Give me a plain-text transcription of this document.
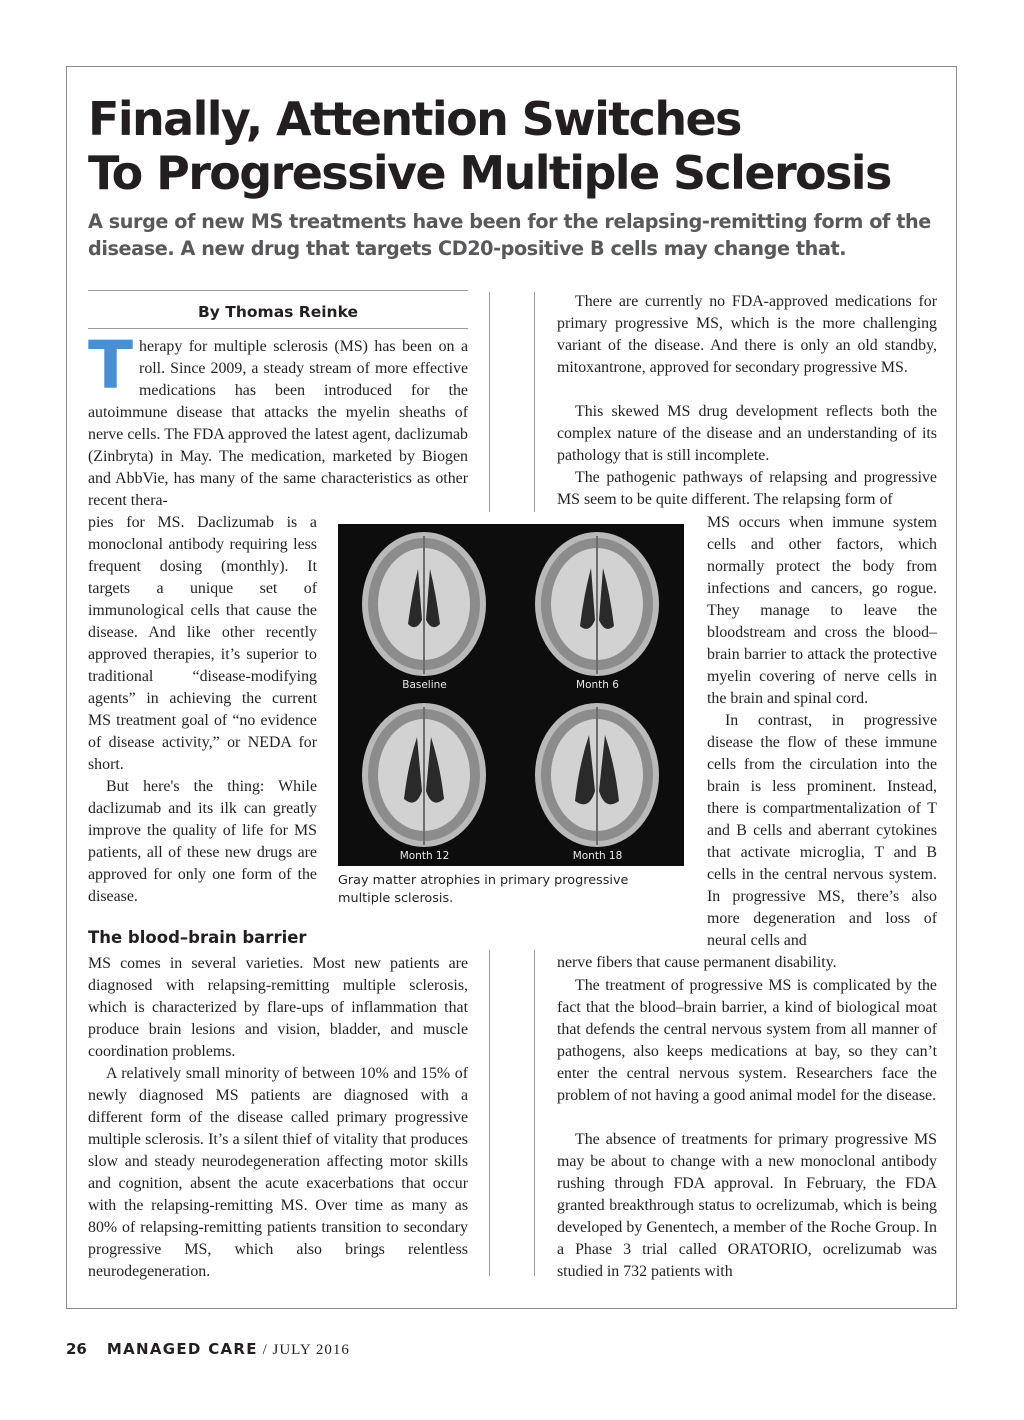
Finally, Attention Switches
To Progressive Multiple Sclerosis

A surge of new MS treatments have been for the relapsing-remitting form of the disease. A new drug that targets CD20-positive B cells may change that.

By Thomas Reinke

Therapy for multiple sclerosis (MS) has been on a roll. Since 2009, a steady stream of more effective medications has been introduced for the autoimmune disease that attacks the myelin sheaths of nerve cells. The FDA approved the latest agent, daclizumab (Zinbryta) in May. The medication, marketed by Biogen and AbbVie, has many of the same characteristics as other recent thera-

pies for MS. Daclizumab is a monoclonal antibody requiring less frequent dosing (monthly). It targets a unique set of immunological cells that cause the disease. And like other recently approved therapies, it’s superior to traditional “disease-modifying agents” in achieving the current MS treatment goal of “no evidence of disease activity,” or NEDA for short.

But here's the thing: While daclizumab and its ilk can greatly improve the quality of life for MS patients, all of these new drugs are approved for only one form of the disease.

Baseline	Month 6
Month 12	Month 18

Gray matter atrophies in primary progressive multiple sclerosis.

The blood–brain barrier

MS comes in several varieties. Most new patients are diagnosed with relapsing-remitting multiple sclerosis, which is characterized by flare-ups of inflammation that produce brain lesions and vision, bladder, and muscle coordination problems.

A relatively small minority of between 10% and 15% of newly diagnosed MS patients are diagnosed with a different form of the disease called primary progressive multiple sclerosis. It’s a silent thief of vitality that produces slow and steady neurodegeneration affecting motor skills and cognition, absent the acute exacerbations that occur with the relapsing-remitting MS. Over time as many as 80% of relapsing-remitting patients transition to secondary progressive MS, which also brings relentless neurodegeneration.

There are currently no FDA-approved medications for primary progressive MS, which is the more challenging variant of the disease. And there is only an old standby, mitoxantrone, approved for secondary progressive MS.

This skewed MS drug development reflects both the complex nature of the disease and an understanding of its pathology that is still incomplete.

The pathogenic pathways of relapsing and progressive MS seem to be quite different. The relapsing form of

MS occurs when immune system cells and other factors, which normally protect the body from infections and cancers, go rogue. They manage to leave the bloodstream and cross the blood–brain barrier to attack the protective myelin covering of nerve cells in the brain and spinal cord.

In contrast, in progressive disease the flow of these immune cells from the circulation into the brain is less prominent. Instead, there is compartmentalization of T and B cells and aberrant cytokines that activate microglia, T and B cells in the central nervous system. In progressive MS, there’s also more degeneration and loss of neural cells and

nerve fibers that cause permanent disability.

The treatment of progressive MS is complicated by the fact that the blood–brain barrier, a kind of biological moat that defends the central nervous system from all manner of pathogens, also keeps medications at bay, so they can’t enter the central nervous system. Researchers face the problem of not having a good animal model for the disease.

The absence of treatments for primary progressive MS may be about to change with a new monoclonal antibody rushing through FDA approval. In February, the FDA granted breakthrough status to ocrelizumab, which is being developed by Genentech, a member of the Roche Group. In a Phase 3 trial called ORATORIO, ocrelizumab was studied in 732 patients with

26 MANAGED CARE / JULY 2016
